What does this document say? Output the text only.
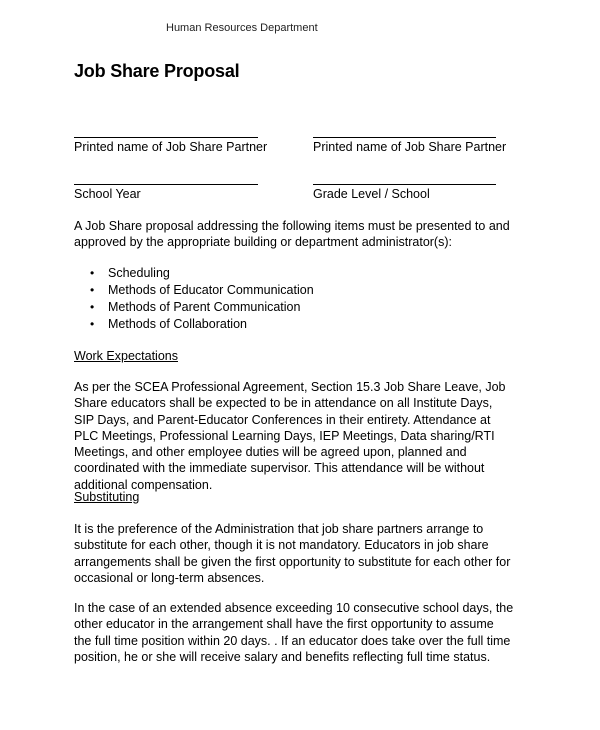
Human Resources Department
Job Share Proposal
Printed name of Job Share Partner	Printed name of Job Share Partner
School Year	Grade Level / School

A Job Share proposal addressing the following items must be presented to and approved by the appropriate building or department administrator(s):

• Scheduling
• Methods of Educator Communication
• Methods of Parent Communication
• Methods of Collaboration

Work Expectations

As per the SCEA Professional Agreement, Section 15.3 Job Share Leave, Job Share educators shall be expected to be in attendance on all Institute Days, SIP Days, and Parent-Educator Conferences in their entirety. Attendance at PLC Meetings, Professional Learning Days, IEP Meetings, Data sharing/RTI Meetings, and other employee duties will be agreed upon, planned and coordinated with the immediate supervisor. This attendance will be without additional compensation.

Substituting

It is the preference of the Administration that job share partners arrange to substitute for each other, though it is not mandatory. Educators in job share arrangements shall be given the first opportunity to substitute for each other for occasional or long-term absences.

In the case of an extended absence exceeding 10 consecutive school days, the other educator in the arrangement shall have the first opportunity to assume the full time position within 20 days. . If an educator does take over the full time position, he or she will receive salary and benefits reflecting full time status.
